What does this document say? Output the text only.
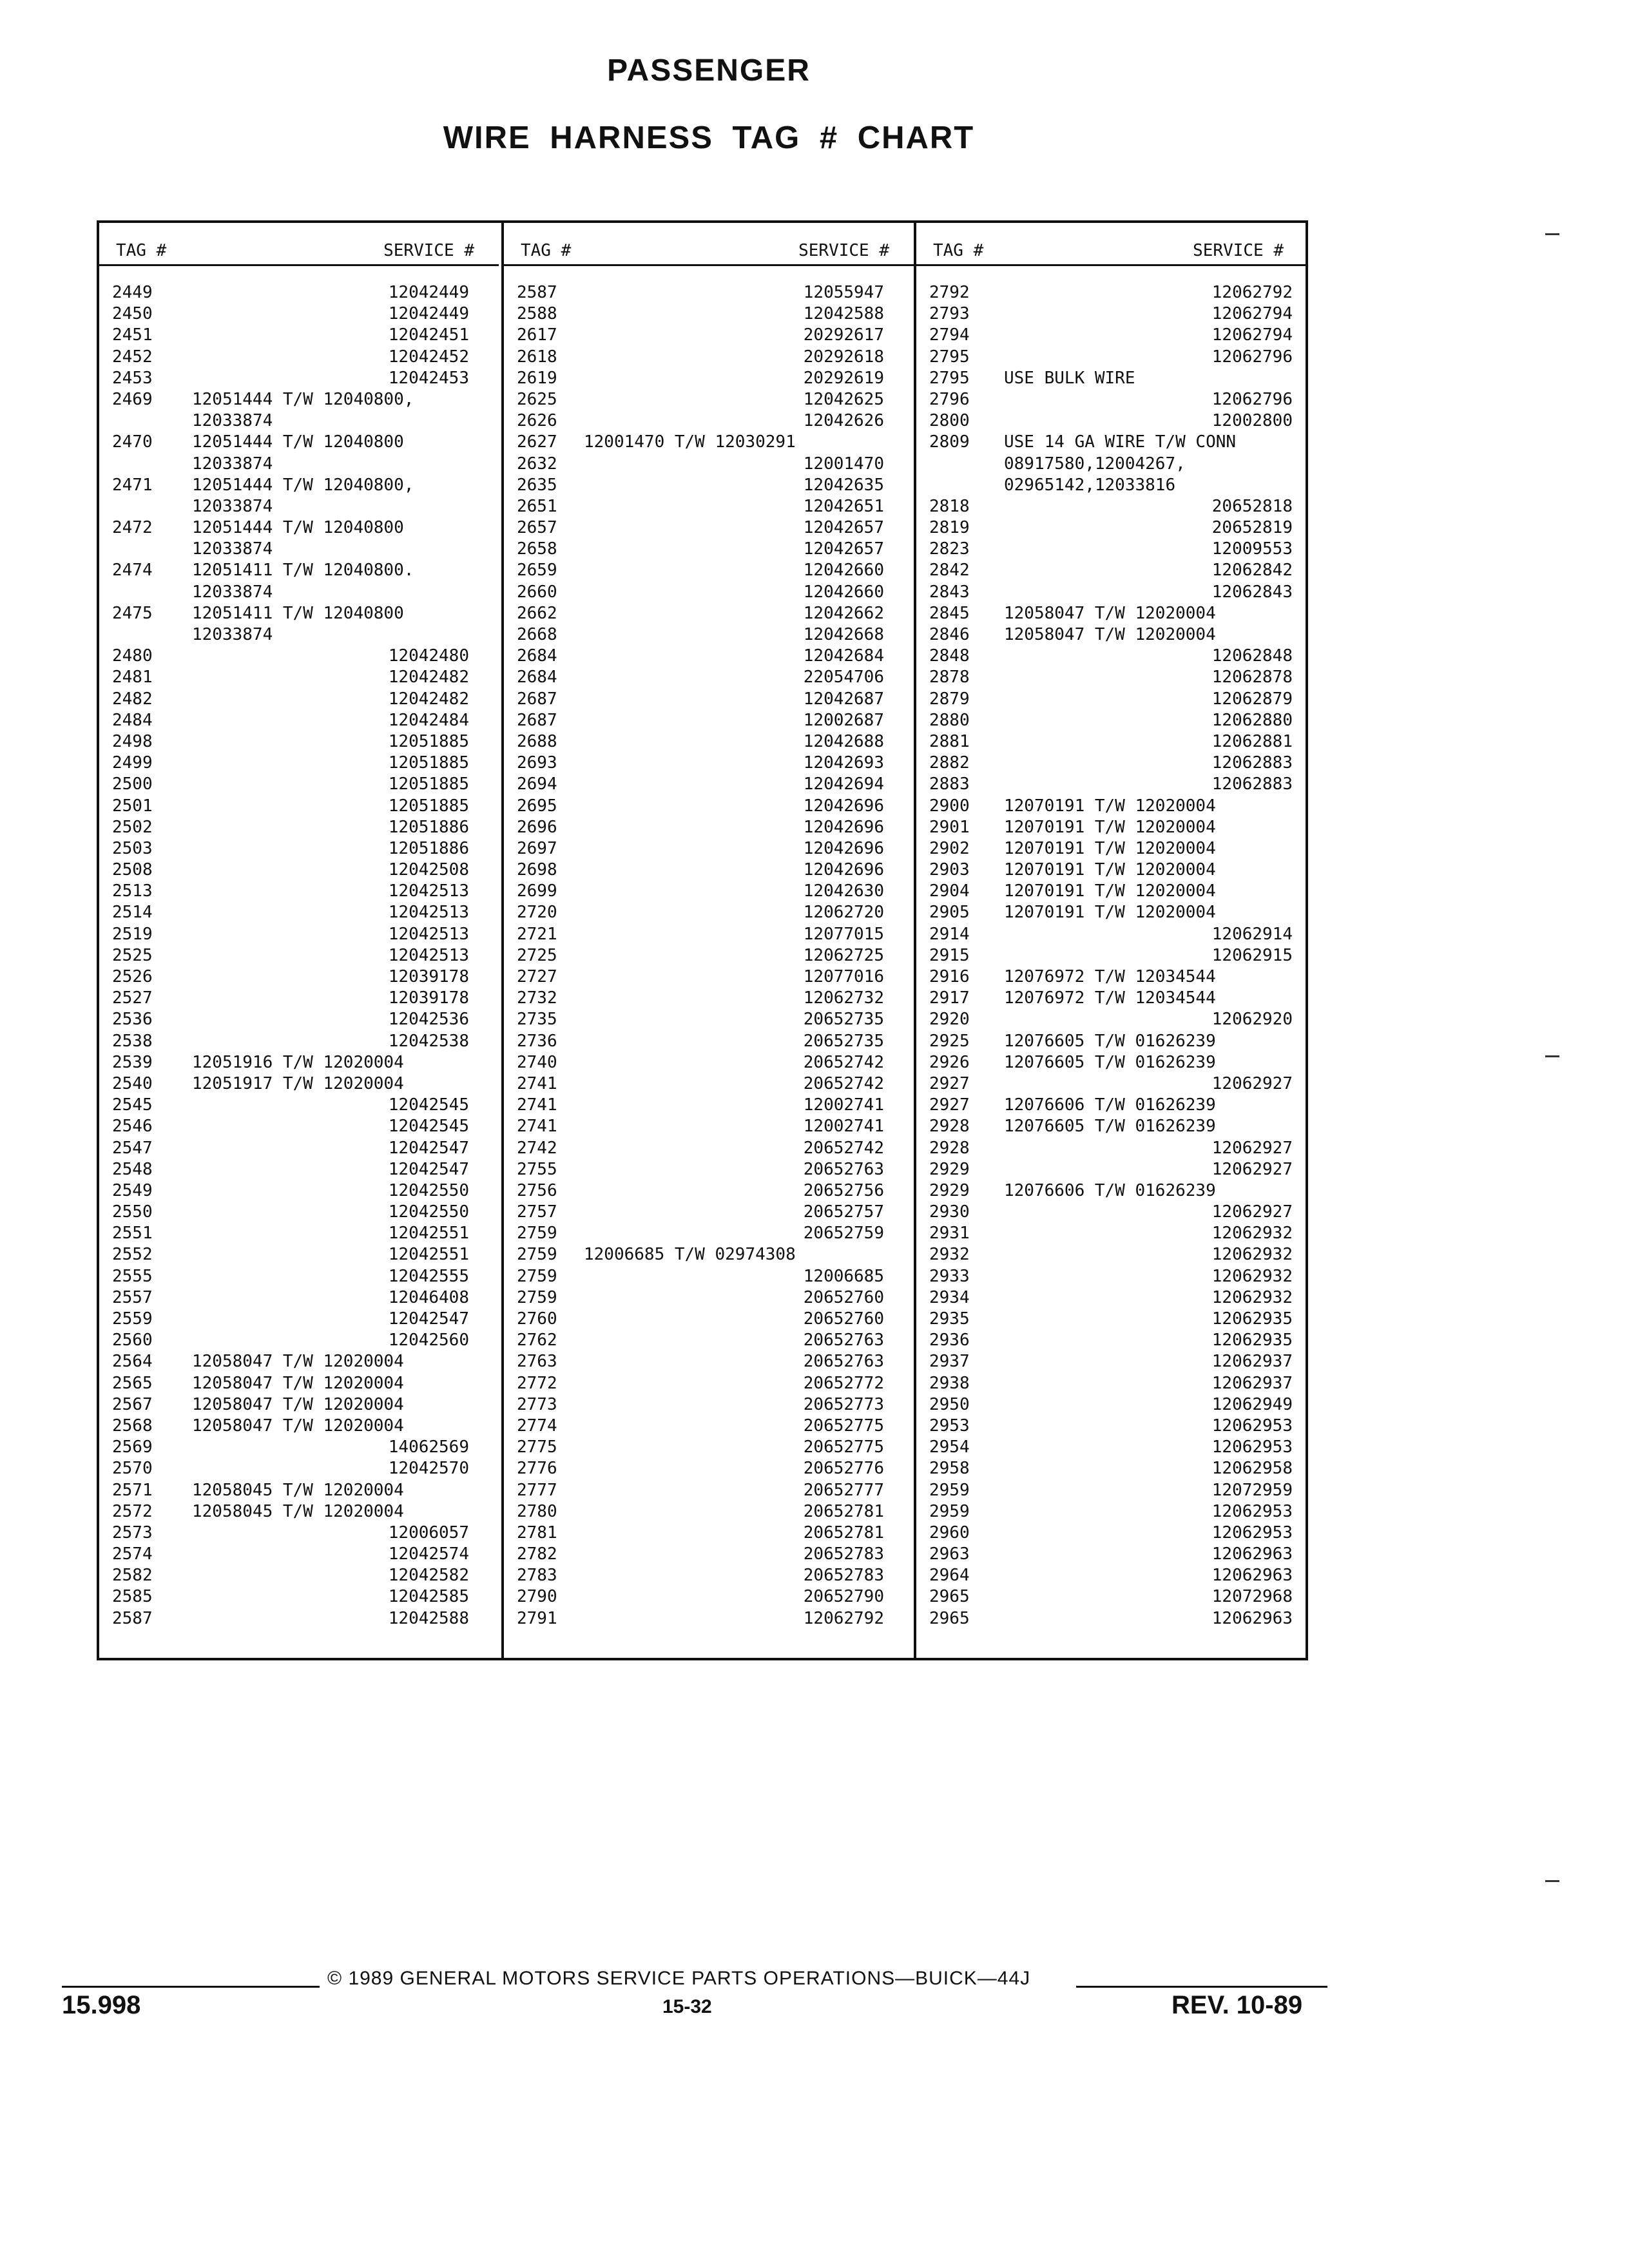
PASSENGER
WIRE HARNESS TAG # CHART
TAG #	SERVICE #
2449	12042449
2450	12042449
2451	12042451
2452	12042452
2453	12042453
2469 12051444 T/W 12040800,
12033874
2470 12051444 T/W 12040800
12033874
2471 12051444 T/W 12040800,
12033874
2472 12051444 T/W 12040800
12033874
2474 12051411 T/W 12040800.
12033874
2475 12051411 T/W 12040800
12033874
2480	12042480
2481	12042482
2482	12042482
2484	12042484
2498	12051885
2499	12051885
2500	12051885
2501	12051885
2502	12051886
2503	12051886
2508	12042508
2513	12042513
2514	12042513
2519	12042513
2525	12042513
2526	12039178
2527	12039178
2536	12042536
2538	12042538
2539 12051916 T/W 12020004
2540 12051917 T/W 12020004
2545	12042545
2546	12042545
2547	12042547
2548	12042547
2549	12042550
2550	12042550
2551	12042551
2552	12042551
2555	12042555
2557	12046408
2559	12042547
2560	12042560
2564 12058047 T/W 12020004
2565 12058047 T/W 12020004
2567 12058047 T/W 12020004
2568 12058047 T/W 12020004
2569	14062569
2570	12042570
2571 12058045 T/W 12020004
2572 12058045 T/W 12020004
2573	12006057
2574	12042574
2582	12042582
2585	12042585
2587	12042588
TAG #	SERVICE #
2587	12055947
2588	12042588
2617	20292617
2618	20292618
2619	20292619
2625	12042625
2626	12042626
2627 12001470 T/W 12030291
2632	12001470
2635	12042635
2651	12042651
2657	12042657
2658	12042657
2659	12042660
2660	12042660
2662	12042662
2668	12042668
2684	12042684
2684	22054706
2687	12042687
2687	12002687
2688	12042688
2693	12042693
2694	12042694
2695	12042696
2696	12042696
2697	12042696
2698	12042696
2699	12042630
2720	12062720
2721	12077015
2725	12062725
2727	12077016
2732	12062732
2735	20652735
2736	20652735
2740	20652742
2741	20652742
2741	12002741
2741	12002741
2742	20652742
2755	20652763
2756	20652756
2757	20652757
2759	20652759
2759 12006685 T/W 02974308
2759	12006685
2759	20652760
2760	20652760
2762	20652763
2763	20652763
2772	20652772
2773	20652773
2774	20652775
2775	20652775
2776	20652776
2777	20652777
2780	20652781
2781	20652781
2782	20652783
2783	20652783
2790	20652790
2791	12062792
TAG #	SERVICE #
2792	12062792
2793	12062794
2794	12062794
2795	12062796
2795 USE BULK WIRE
2796	12062796
2800	12002800
2809 USE 14 GA WIRE T/W CONN
08917580,12004267,
02965142,12033816
2818	20652818
2819	20652819
2823	12009553
2842	12062842
2843	12062843
2845 12058047 T/W 12020004
2846 12058047 T/W 12020004
2848	12062848
2878	12062878
2879	12062879
2880	12062880
2881	12062881
2882	12062883
2883	12062883
2900 12070191 T/W 12020004
2901 12070191 T/W 12020004
2902 12070191 T/W 12020004
2903 12070191 T/W 12020004
2904 12070191 T/W 12020004
2905 12070191 T/W 12020004
2914	12062914
2915	12062915
2916 12076972 T/W 12034544
2917 12076972 T/W 12034544
2920	12062920
2925 12076605 T/W 01626239
2926 12076605 T/W 01626239
2927	12062927
2927 12076606 T/W 01626239
2928 12076605 T/W 01626239
2928	12062927
2929	12062927
2929 12076606 T/W 01626239
2930	12062927
2931	12062932
2932	12062932
2933	12062932
2934	12062932
2935	12062935
2936	12062935
2937	12062937
2938	12062937
2950	12062949
2953	12062953
2954	12062953
2958	12062958
2959	12072959
2959	12062953
2960	12062953
2963	12062963
2964	12062963
2965	12072968
2965	12062963
© 1989 GENERAL MOTORS SERVICE PARTS OPERATIONS—BUICK—44J
15.998	15-32	REV. 10-89
